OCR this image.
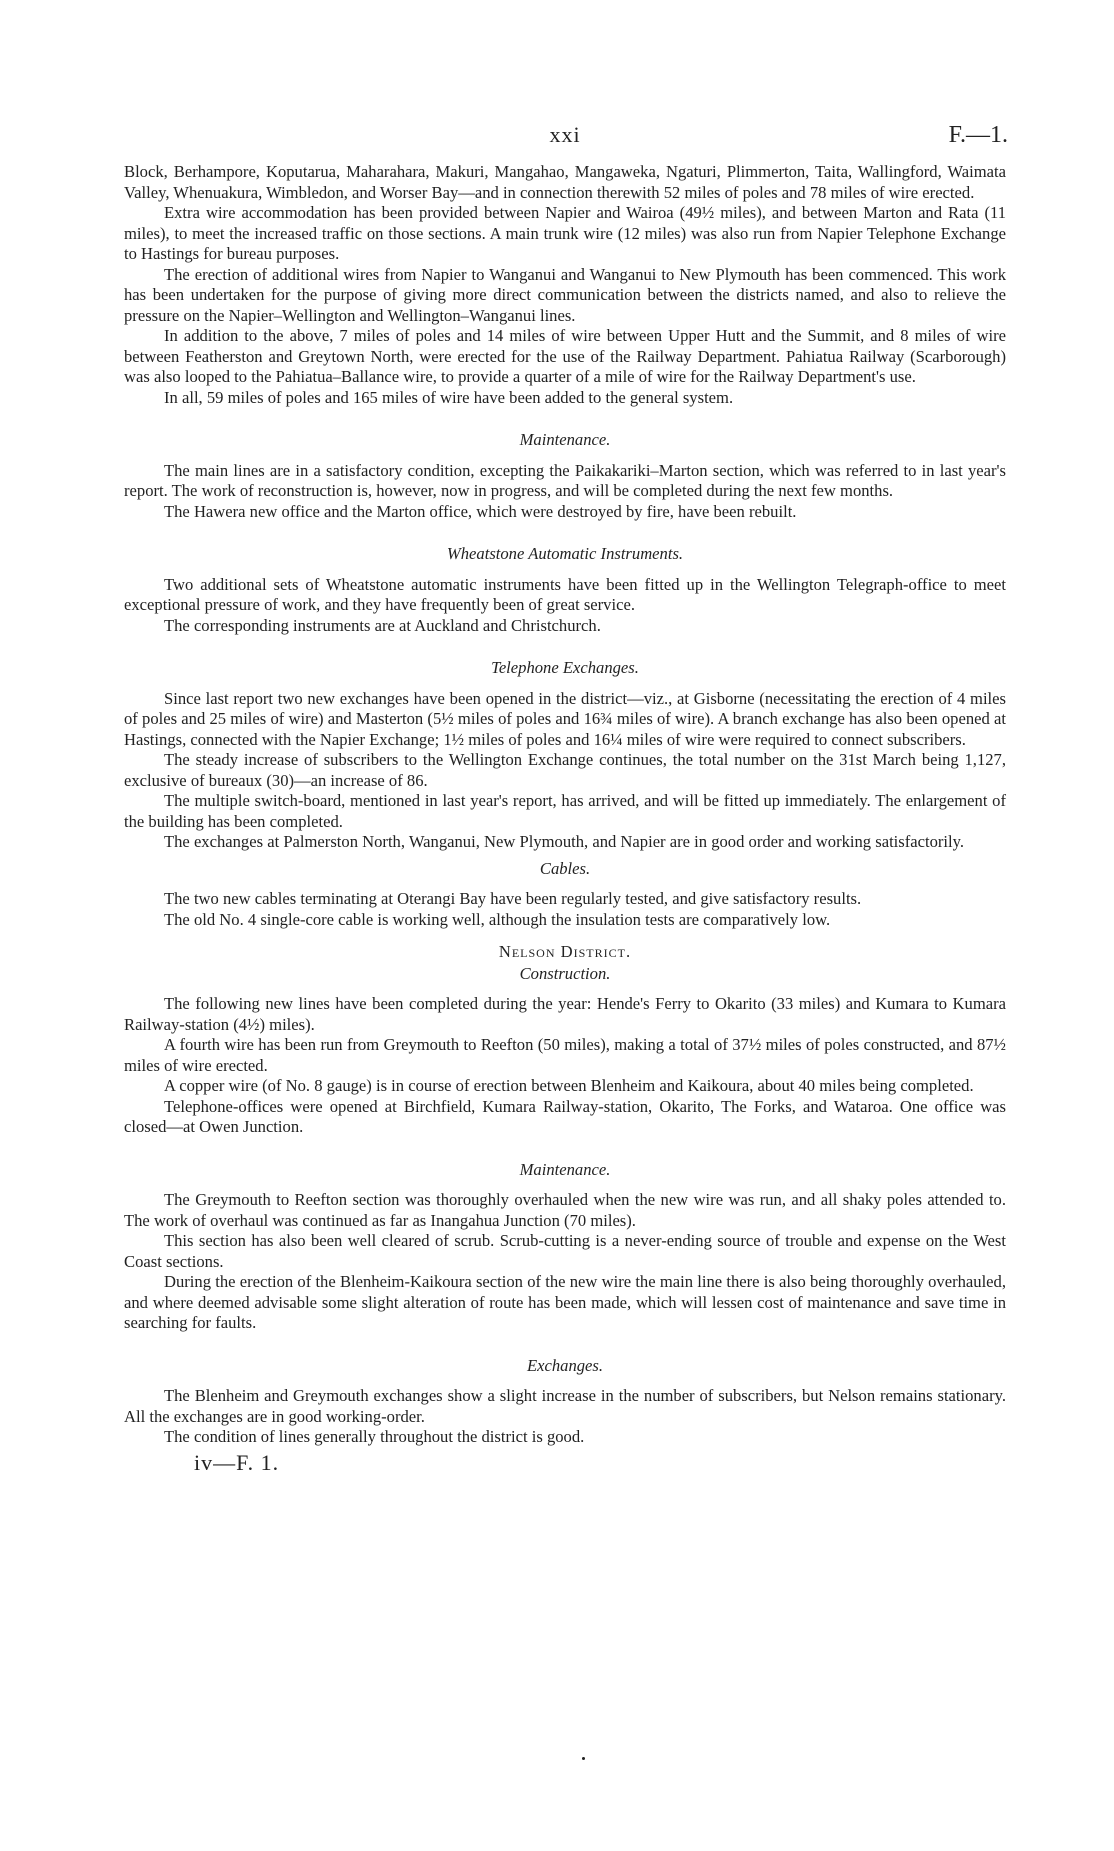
xxi	F.—1.

Block, Berhampore, Koputarua, Maharahara, Makuri, Mangahao, Mangaweka, Ngaturi, Plimmerton, Taita, Wallingford, Waimata Valley, Whenuakura, Wimbledon, and Worser Bay—and in connection therewith 52 miles of poles and 78 miles of wire erected.

Extra wire accommodation has been provided between Napier and Wairoa (49½ miles), and between Marton and Rata (11 miles), to meet the increased traffic on those sections. A main trunk wire (12 miles) was also run from Napier Telephone Exchange to Hastings for bureau purposes.

The erection of additional wires from Napier to Wanganui and Wanganui to New Plymouth has been commenced. This work has been undertaken for the purpose of giving more direct communication between the districts named, and also to relieve the pressure on the Napier–Wellington and Wellington–Wanganui lines.

In addition to the above, 7 miles of poles and 14 miles of wire between Upper Hutt and the Summit, and 8 miles of wire between Featherston and Greytown North, were erected for the use of the Railway Department. Pahiatua Railway (Scarborough) was also looped to the Pahiatua–Ballance wire, to provide a quarter of a mile of wire for the Railway Department's use.

In all, 59 miles of poles and 165 miles of wire have been added to the general system.

Maintenance.

The main lines are in a satisfactory condition, excepting the Paikakariki–Marton section, which was referred to in last year's report. The work of reconstruction is, however, now in progress, and will be completed during the next few months.

The Hawera new office and the Marton office, which were destroyed by fire, have been rebuilt.

Wheatstone Automatic Instruments.

Two additional sets of Wheatstone automatic instruments have been fitted up in the Wellington Telegraph-office to meet exceptional pressure of work, and they have frequently been of great service.

The corresponding instruments are at Auckland and Christchurch.

Telephone Exchanges.

Since last report two new exchanges have been opened in the district—viz., at Gisborne (necessitating the erection of 4 miles of poles and 25 miles of wire) and Masterton (5½ miles of poles and 16¾ miles of wire). A branch exchange has also been opened at Hastings, connected with the Napier Exchange; 1½ miles of poles and 16¼ miles of wire were required to connect subscribers.

The steady increase of subscribers to the Wellington Exchange continues, the total number on the 31st March being 1,127, exclusive of bureaux (30)—an increase of 86.

The multiple switch-board, mentioned in last year's report, has arrived, and will be fitted up immediately. The enlargement of the building has been completed.

The exchanges at Palmerston North, Wanganui, New Plymouth, and Napier are in good order and working satisfactorily.

Cables.

The two new cables terminating at Oterangi Bay have been regularly tested, and give satisfactory results.

The old No. 4 single-core cable is working well, although the insulation tests are comparatively low.

Nelson District.
Construction.

The following new lines have been completed during the year: Hende's Ferry to Okarito (33 miles) and Kumara to Kumara Railway-station (4½) miles).

A fourth wire has been run from Greymouth to Reefton (50 miles), making a total of 37½ miles of poles constructed, and 87½ miles of wire erected.

A copper wire (of No. 8 gauge) is in course of erection between Blenheim and Kaikoura, about 40 miles being completed.

Telephone-offices were opened at Birchfield, Kumara Railway-station, Okarito, The Forks, and Wataroa. One office was closed—at Owen Junction.

Maintenance.

The Greymouth to Reefton section was thoroughly overhauled when the new wire was run, and all shaky poles attended to. The work of overhaul was continued as far as Inangahua Junction (70 miles).

This section has also been well cleared of scrub. Scrub-cutting is a never-ending source of trouble and expense on the West Coast sections.

During the erection of the Blenheim-Kaikoura section of the new wire the main line there is also being thoroughly overhauled, and where deemed advisable some slight alteration of route has been made, which will lessen cost of maintenance and save time in searching for faults.

Exchanges.

The Blenheim and Greymouth exchanges show a slight increase in the number of subscribers, but Nelson remains stationary. All the exchanges are in good working-order.

The condition of lines generally throughout the district is good.

iv—F. 1.
